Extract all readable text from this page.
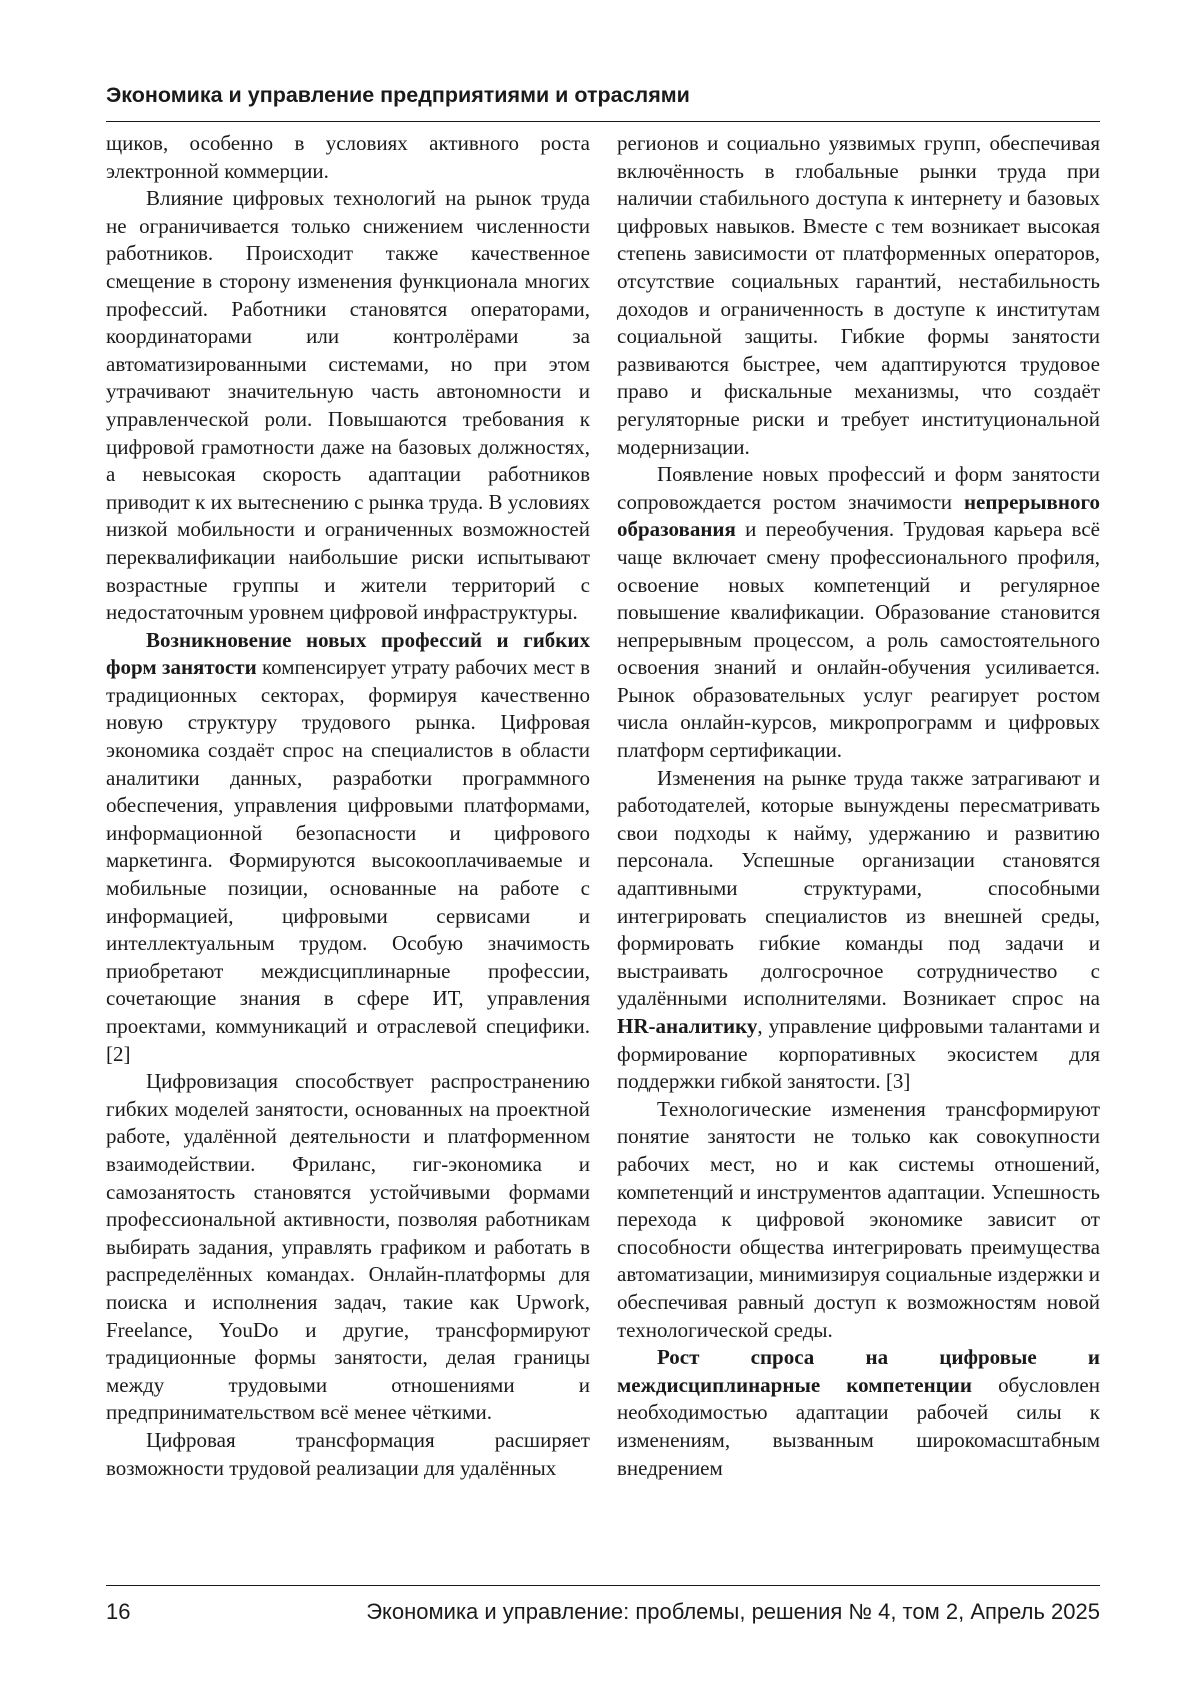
Экономика и управление предприятиями и отраслями

щиков, особенно в условиях активного роста электронной коммерции.

Влияние цифровых технологий на рынок труда не ограничивается только снижением численности работников. Происходит также качественное смещение в сторону изменения функционала многих профессий. Работники становятся операторами, координаторами или контролёрами за автоматизированными системами, но при этом утрачивают значительную часть автономности и управленческой роли. Повышаются требования к цифровой грамотности даже на базовых должностях, а невысокая скорость адаптации работников приводит к их вытеснению с рынка труда. В условиях низкой мобильности и ограниченных возможностей переквалификации наибольшие риски испытывают возрастные группы и жители территорий с недостаточным уровнем цифровой инфраструктуры.

Возникновение новых профессий и гибких форм занятости компенсирует утрату рабочих мест в традиционных секторах, формируя качественно новую структуру трудового рынка. Цифровая экономика создаёт спрос на специалистов в области аналитики данных, разработки программного обеспечения, управления цифровыми платформами, информационной безопасности и цифрового маркетинга. Формируются высокооплачиваемые и мобильные позиции, основанные на работе с информацией, цифровыми сервисами и интеллектуальным трудом. Особую значимость приобретают междисциплинарные профессии, сочетающие знания в сфере ИТ, управления проектами, коммуникаций и отраслевой специфики. [2]

Цифровизация способствует распространению гибких моделей занятости, основанных на проектной работе, удалённой деятельности и платформенном взаимодействии. Фриланс, гиг-экономика и самозанятость становятся устойчивыми формами профессиональной активности, позволяя работникам выбирать задания, управлять графиком и работать в распределённых командах. Онлайн-платформы для поиска и исполнения задач, такие как Upwork, Freelance, YouDo и другие, трансформируют традиционные формы занятости, делая границы между трудовыми отношениями и предпринимательством всё менее чёткими.

Цифровая трансформация расширяет возможности трудовой реализации для удалённых

регионов и социально уязвимых групп, обеспечивая включённость в глобальные рынки труда при наличии стабильного доступа к интернету и базовых цифровых навыков. Вместе с тем возникает высокая степень зависимости от платформенных операторов, отсутствие социальных гарантий, нестабильность доходов и ограниченность в доступе к институтам социальной защиты. Гибкие формы занятости развиваются быстрее, чем адаптируются трудовое право и фискальные механизмы, что создаёт регуляторные риски и требует институциональной модернизации.

Появление новых профессий и форм занятости сопровождается ростом значимости непрерывного образования и переобучения. Трудовая карьера всё чаще включает смену профессионального профиля, освоение новых компетенций и регулярное повышение квалификации. Образование становится непрерывным процессом, а роль самостоятельного освоения знаний и онлайн-обучения усиливается. Рынок образовательных услуг реагирует ростом числа онлайн-курсов, микропрограмм и цифровых платформ сертификации.

Изменения на рынке труда также затрагивают и работодателей, которые вынуждены пересматривать свои подходы к найму, удержанию и развитию персонала. Успешные организации становятся адаптивными структурами, способными интегрировать специалистов из внешней среды, формировать гибкие команды под задачи и выстраивать долгосрочное сотрудничество с удалёнными исполнителями. Возникает спрос на HR-аналитику, управление цифровыми талантами и формирование корпоративных экосистем для поддержки гибкой занятости. [3]

Технологические изменения трансформируют понятие занятости не только как совокупности рабочих мест, но и как системы отношений, компетенций и инструментов адаптации. Успешность перехода к цифровой экономике зависит от способности общества интегрировать преимущества автоматизации, минимизируя социальные издержки и обеспечивая равный доступ к возможностям новой технологической среды.

Рост спроса на цифровые и междисциплинарные компетенции обусловлен необходимостью адаптации рабочей силы к изменениям, вызванным широкомасштабным внедрением

16	Экономика и управление: проблемы, решения № 4, том 2, Апрель 2025
